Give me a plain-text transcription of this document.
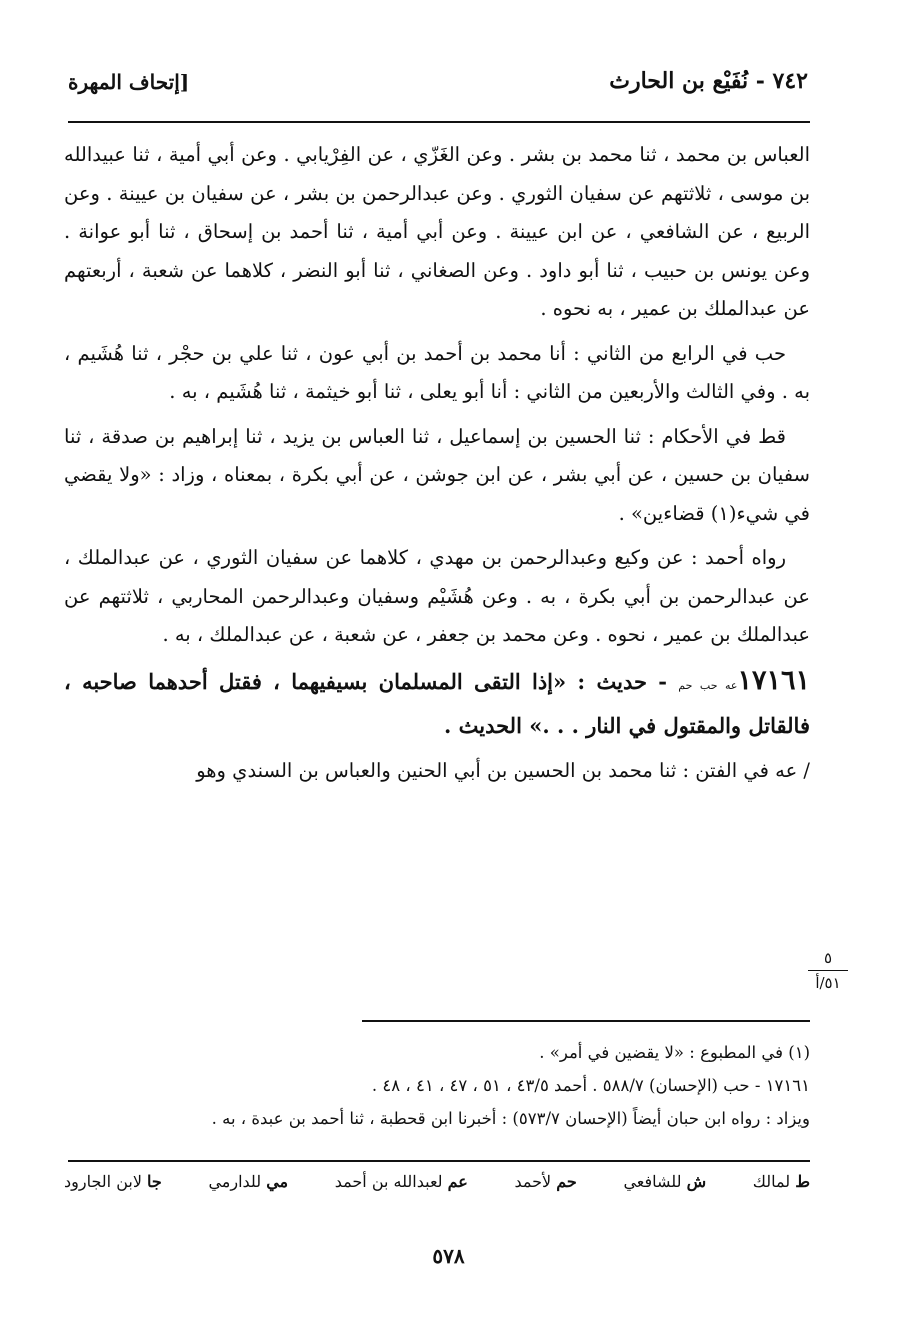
٧٤٢ - نُفَيْع بن الحارث
[إتحاف المهرة

العباس بن محمد ، ثنا محمد بن بشر . وعن الغَزّي ، عن الفِرْيابي . وعن أبي أمية ، ثنا عبيدالله بن موسى ، ثلاثتهم عن سفيان الثوري . وعن عبدالرحمن بن بشر ، عن سفيان بن عيينة . وعن الربيع ، عن الشافعي ، عن ابن عيينة . وعن أبي أمية ، ثنا أحمد بن إسحاق ، ثنا أبو عوانة . وعن يونس بن حبيب ، ثنا أبو داود . وعن الصغاني ، ثنا أبو النضر ، كلاهما عن شعبة ، أربعتهم عن عبدالملك بن عمير ، به نحوه .

حب في الرابع من الثاني : أنا محمد بن أحمد بن أبي عون ، ثنا علي بن حجْر ، ثنا هُشَيم ، به . وفي الثالث والأربعين من الثاني : أنا أبو يعلى ، ثنا أبو خيثمة ، ثنا هُشَيم ، به .

قط في الأحكام : ثنا الحسين بن إسماعيل ، ثنا العباس بن يزيد ، ثنا إبراهيم بن صدقة ، ثنا سفيان بن حسين ، عن أبي بشر ، عن ابن جوشن ، عن أبي بكرة ، بمعناه ، وزاد : «ولا يقضي في شيء(١) قضاءين» .

رواه أحمد : عن وكيع وعبدالرحمن بن مهدي ، كلاهما عن سفيان الثوري ، عن عبدالملك ، عن عبدالرحمن بن أبي بكرة ، به . وعن هُشَيْم وسفيان وعبدالرحمن المحاربي ، ثلاثتهم عن عبدالملك بن عمير ، نحوه . وعن محمد بن جعفر ، عن شعبة ، عن عبدالملك ، به .

١٧١٦١عه حب حم - حديث : «إذا التقى المسلمان بسيفيهما ، فقتل أحدهما صاحبه ، فالقاتل والمقتول في النار . . .» الحديث .

/ عه في الفتن : ثنا محمد بن الحسين بن أبي الحنين والعباس بن السندي وهو

٥
٥١/أ
(١) في المطبوع : «لا يقضين في أمر» .
١٧١٦١ - حب (الإحسان) ٥٨٨/٧ . أحمد ٤٣/٥ ، ٥١ ، ٤٧ ، ٤١ ، ٤٨ .
ويزاد : رواه ابن حبان أيضاً (الإحسان ٥٧٣/٧) : أخبرنا ابن قحطبة ، ثنا أحمد بن عبدة ، به .
ط لمالك
ش للشافعي
حم لأحمد
عم لعبدالله بن أحمد
مي للدارمي
جا لابن الجارود
٥٧٨
